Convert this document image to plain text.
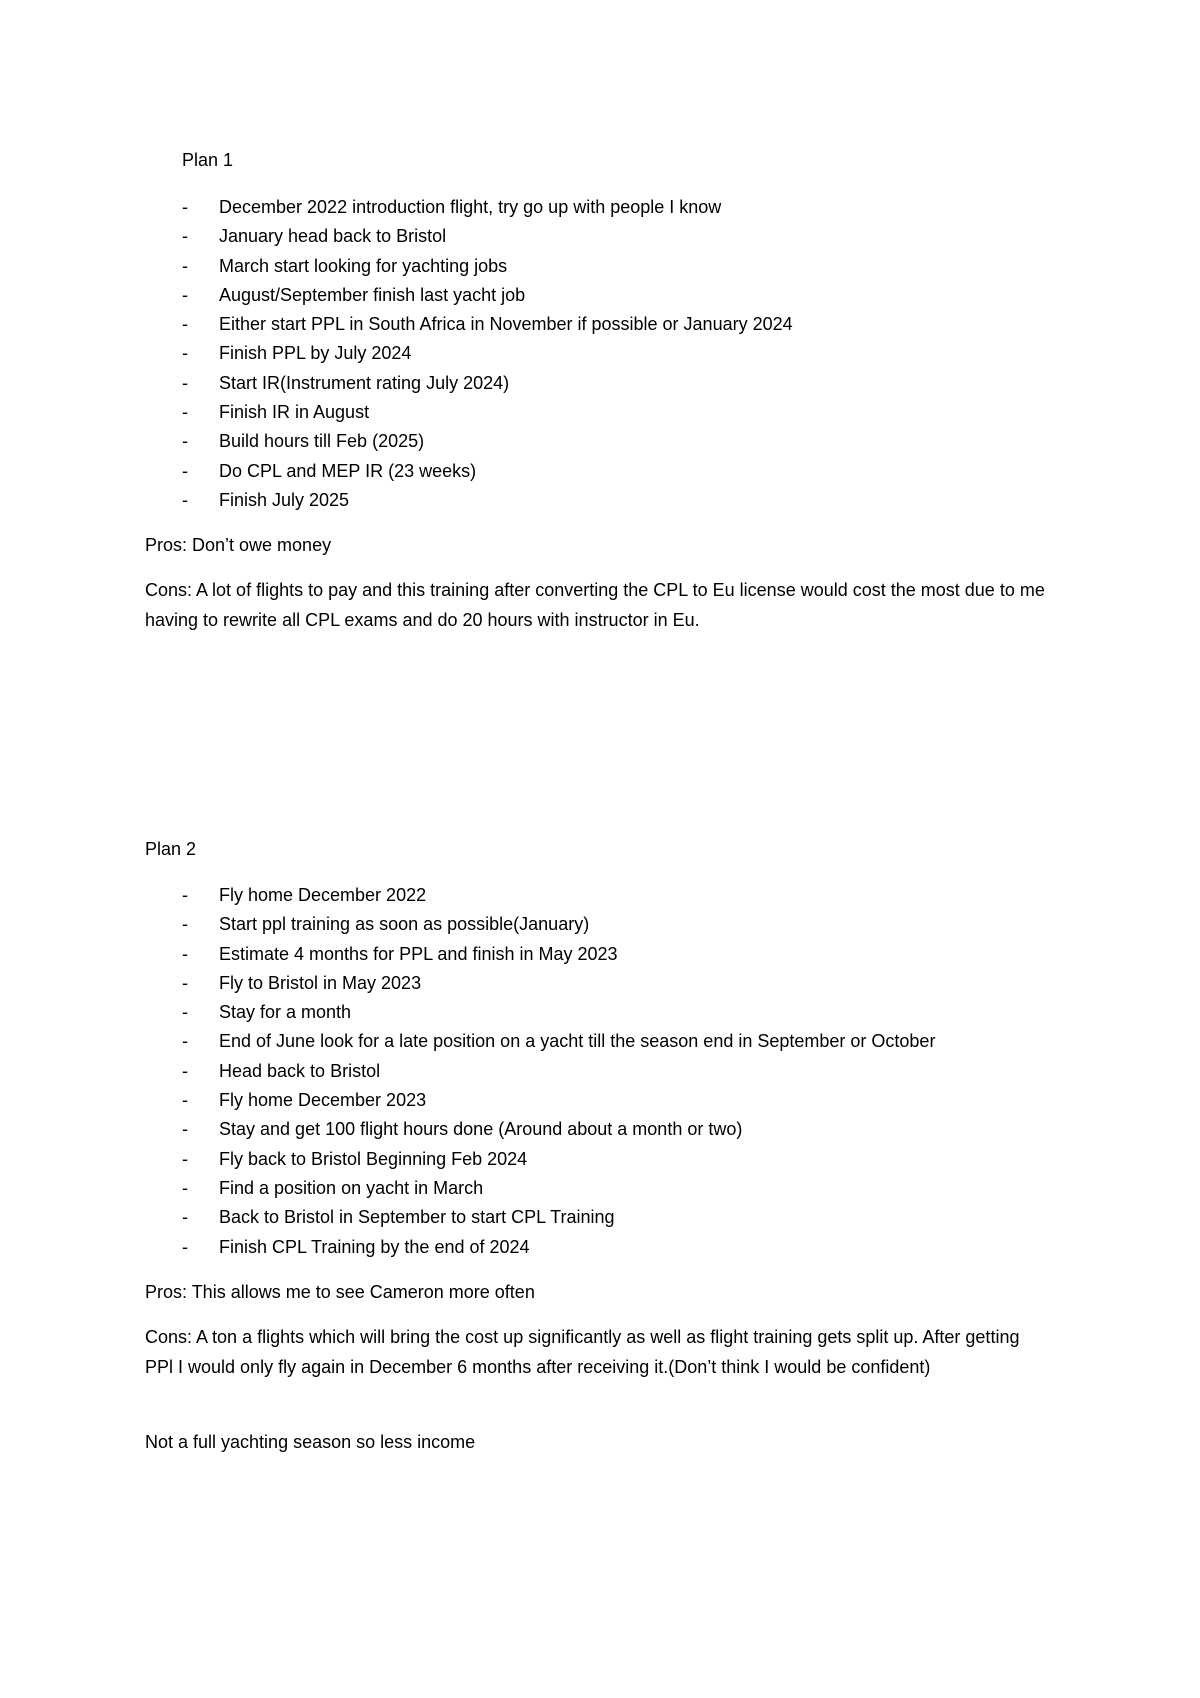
Plan 1

-	December 2022 introduction flight, try go up with people I know
-	January head back to Bristol
-	March start looking for yachting jobs
-	August/September finish last yacht job
-	Either start PPL in South Africa in November if possible or January 2024
-	Finish PPL by July 2024
-	Start IR(Instrument rating July 2024)
-	Finish IR in August
-	Build hours till Feb (2025)
-	Do CPL and MEP IR (23 weeks)
-	Finish July 2025

Pros: Don’t owe money

Cons: A lot of flights to pay and this training after converting the CPL to Eu license would cost the most due to me having to rewrite all CPL exams and do 20 hours with instructor in Eu.

Plan 2

-	Fly home December 2022
-	Start ppl training as soon as possible(January)
-	Estimate 4 months for PPL and finish in May 2023
-	Fly to Bristol in May 2023
-	Stay for a month
-	End of June look for a late position on a yacht till the season end in September or October
-	Head back to Bristol
-	Fly home December 2023
-	Stay and get 100 flight hours done (Around about a month or two)
-	Fly back to Bristol Beginning Feb 2024
-	Find a position on yacht in March
-	Back to Bristol in September to start CPL Training
-	Finish CPL Training by the end of 2024

Pros: This allows me to see Cameron more often

Cons: A ton a flights which will bring the cost up significantly as well as flight training gets split up. After getting PPl I would only fly again in December 6 months after receiving it.(Don’t think I would be confident)

Not a full yachting season so less income
